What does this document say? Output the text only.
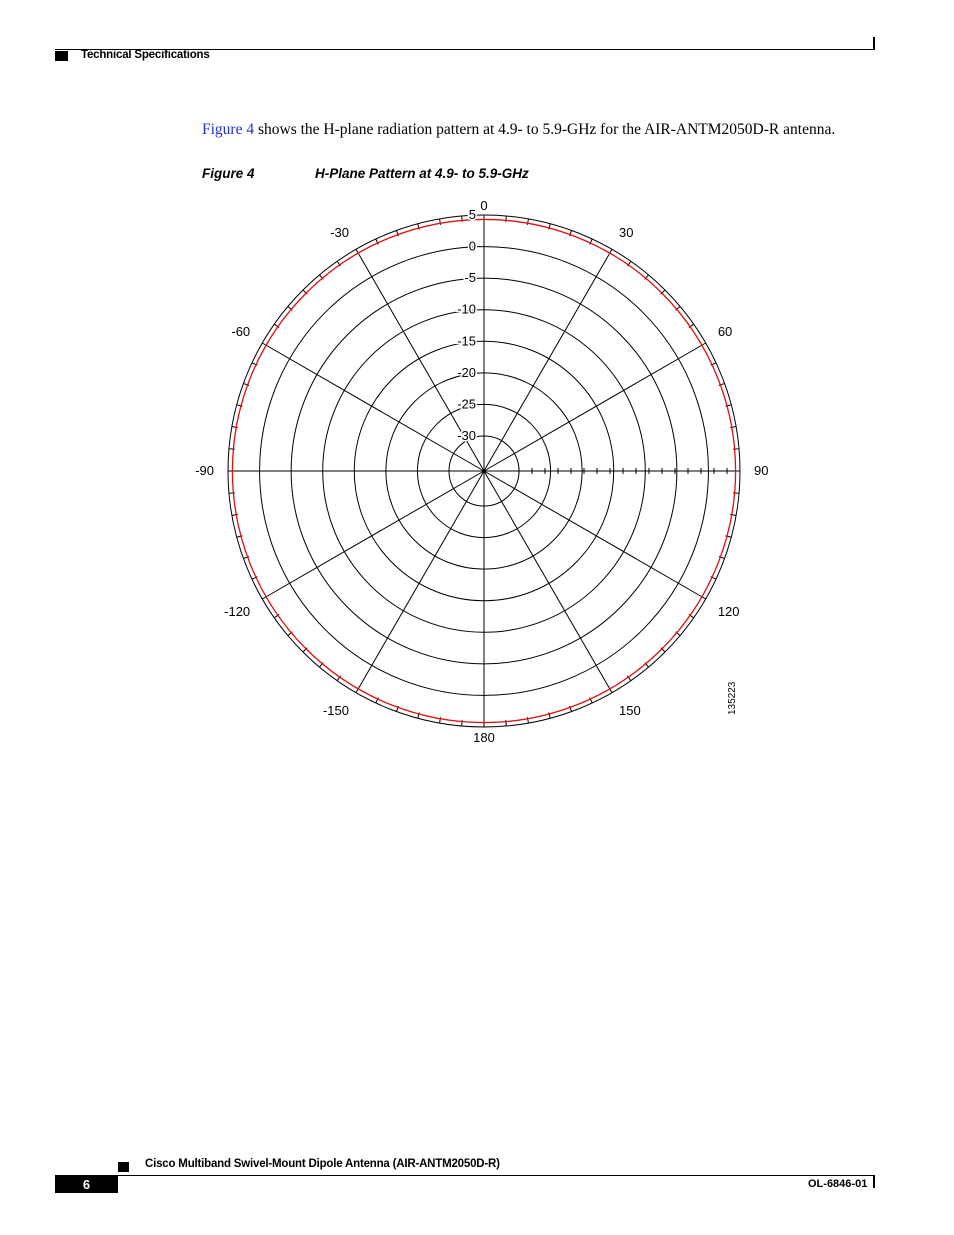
Technical Specifications
Figure 4 shows the H-plane radiation pattern at 4.9- to 5.9-GHz for the AIR-ANTM2050D-R antenna.
Figure 4	H-Plane Pattern at 4.9- to 5.9-GHz
0
30
60
90
120
150
180
-150
-120
-90
-60
-30
5
0
-5
-10
-15
-20
-25
-30
135223
Cisco Multiband Swivel-Mount Dipole Antenna (AIR-ANTM2050D-R)
6	OL-6846-01
